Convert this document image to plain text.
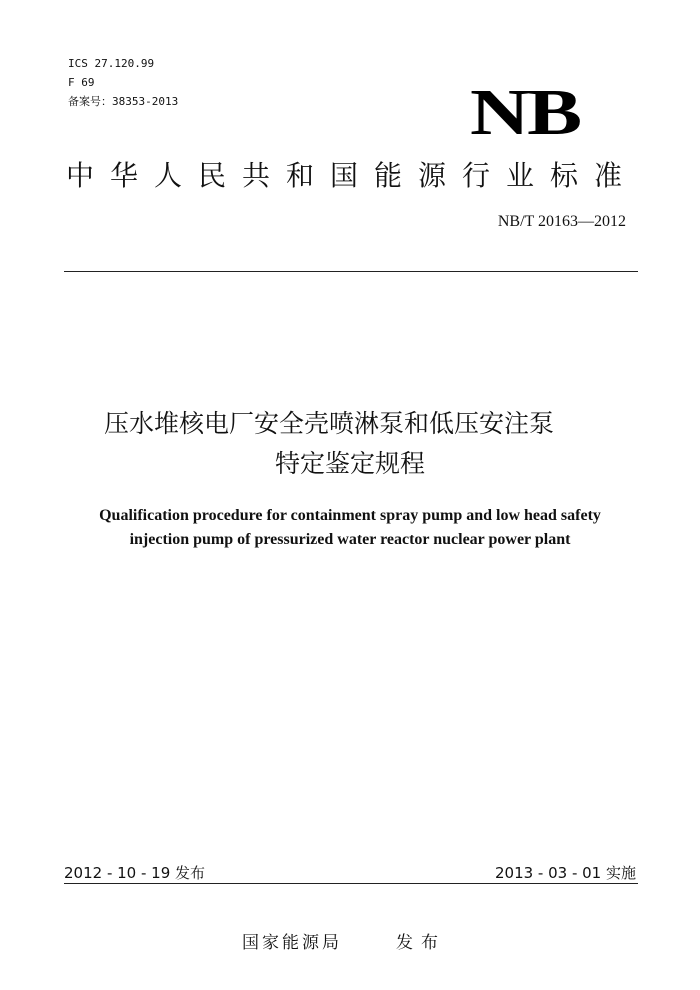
ICS 27.120.99
F 69
备案号：38353-2013	NB
中华人民共和国能源行业标准
NB/T 20163—2012
压水堆核电厂安全壳喷淋泵和低压安注泵
特定鉴定规程
Qualification procedure for containment spray pump and low head safety
injection pump of pressurized water reactor nuclear power plant
2012 - 10 - 19 发布	2013 - 03 - 01 实施
国家能源局	发布
